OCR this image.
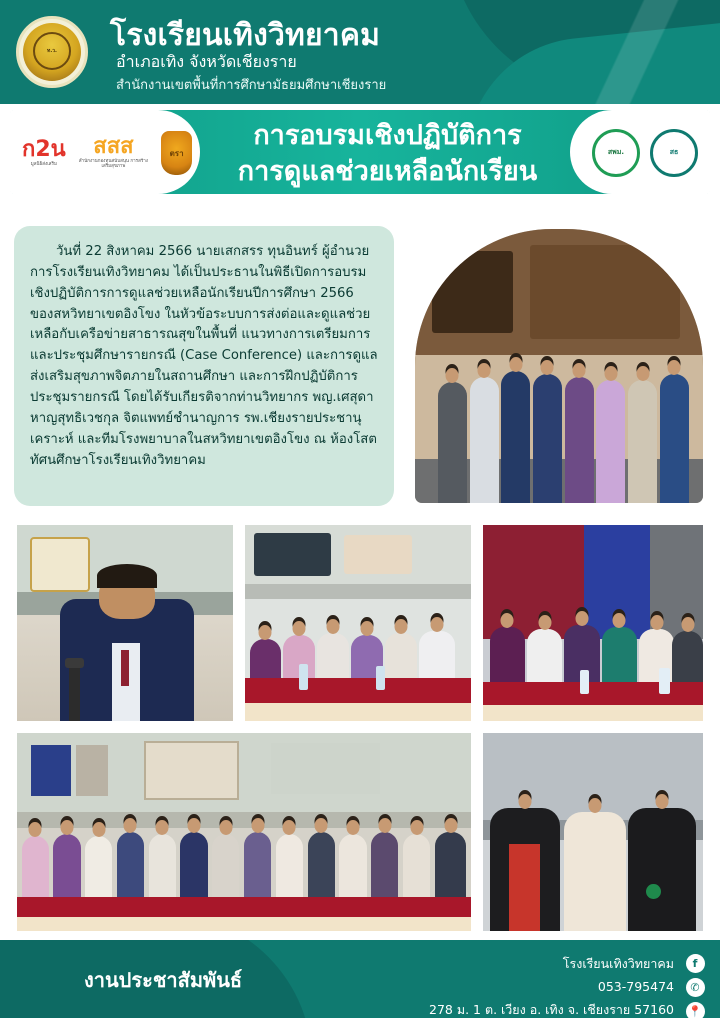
ท.ว. โรงเรียนเทิงวิทยาคม
อำเภอเทิง จังหวัดเชียงราย
สำนักงานเขตพื้นที่การศึกษามัธยมศึกษาเชียงราย
ก2น
มูลนิธิส่งเสริม
สสส
สำนักงานกองทุนสนับสนุน การสร้างเสริมสุขภาพ
ตรา
การอบรมเชิงปฏิบัติการ
การดูแลช่วยเหลือนักเรียน
สพม.	สธ

วันที่ 22 สิงหาคม 2566 นายเสกสรร ทุนอินทร์ ผู้อำนวยการโรงเรียนเทิงวิทยาคม ได้เป็นประธานในพิธีเปิดการอบรมเชิงปฏิบัติการการดูแลช่วยเหลือนักเรียนปีการศึกษา 2566 ของสหวิทยาเขตอิงโขง ในหัวข้อระบบการส่งต่อและดูแลช่วยเหลือกับเครือข่ายสาธารณสุขในพื้นที่ แนวทางการเตรียมการและประชุมศึกษารายกรณี (Case Conference) และการดูแลส่งเสริมสุขภาพจิตภายในสถานศึกษา และการฝึกปฏิบัติการประชุมรายกรณี โดยได้รับเกียรติจากท่านวิทยากร พญ.เศสุดา หาญสุทธิเวชกุล จิตแพทย์ชำนาญการ รพ.เชียงรายประชานุเคราะห์ และทีมโรงพยาบาลในสหวิทยาเขตอิงโขง ณ ห้องโสตทัศนศึกษาโรงเรียนเทิงวิทยาคม

งานประชาสัมพันธ์
โรงเรียนเทิงวิทยาคม
053-795474
278 ม. 1 ต. เวียง อ. เทิง จ. เชียงราย 57160
f
✆
📍
